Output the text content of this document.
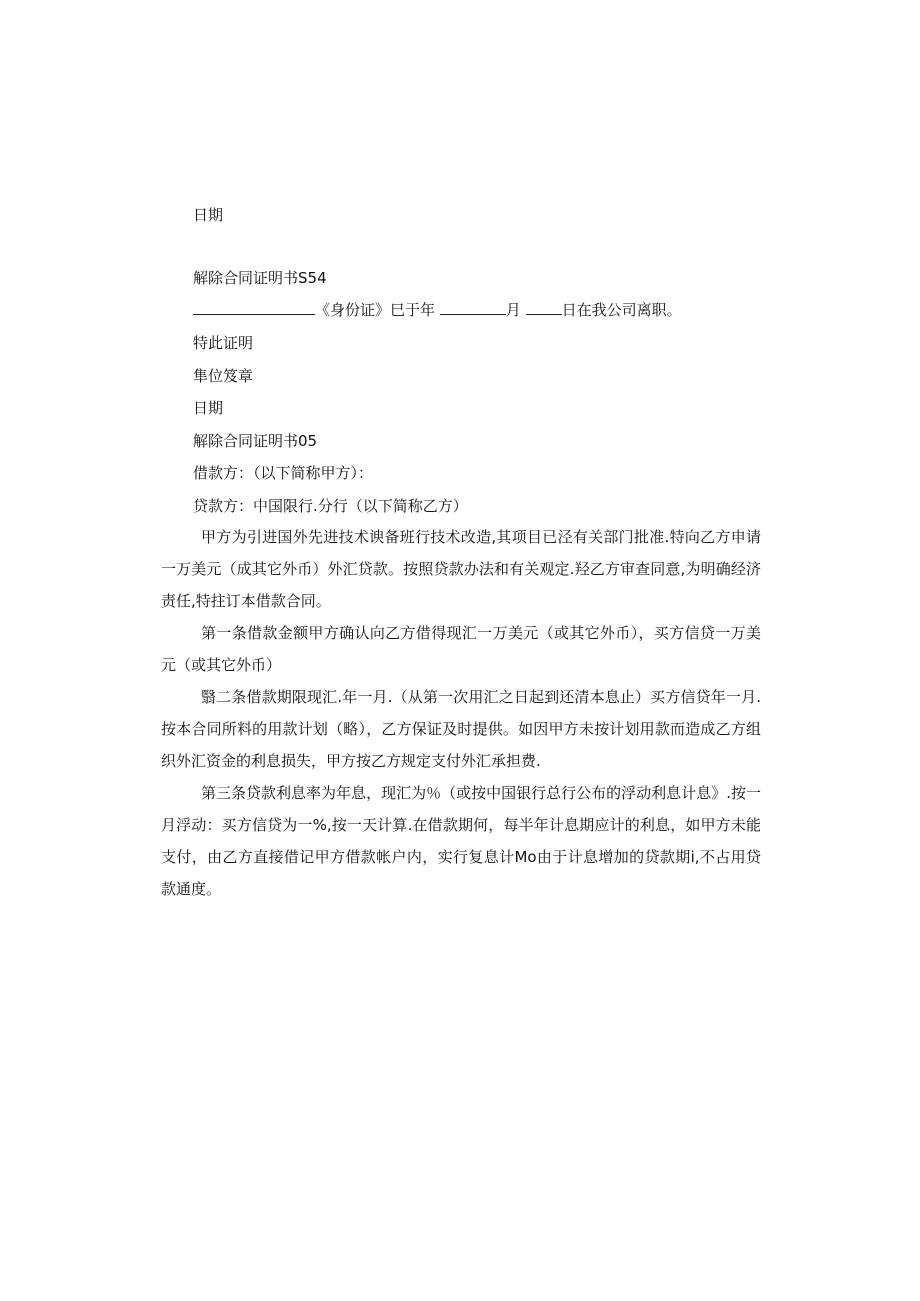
日期
解除合同证明书S54
《身份证》巳于年	月	日在我公司离职。
特此证明
隼位笈章
日期
解除合同证明书05
借款方：（以下简称甲方）：
贷款方：中国限行.分行（以下简称乙方）

甲方为引进国外先进技术谀备班行技术改造,其项目已泾有关部门批准.特向乙方申请一万美元（成其它外币）外汇贷款。按照贷款办法和有关观定.羟乙方审查同意,为明确经济责任,特拄订本借款合同。

第一条借款金额甲方确认向乙方借得现汇一万美元（或其它外币），买方信贷一万美元（或其它外币）

翳二条借款期限现汇.年一月.（从第一次用汇之日起到还清本息止）买方信贷年一月.按本合同所料的用款计划（略），乙方保证及时提供。如因甲方未按计划用款而造成乙方组织外汇资金的利息损失，甲方按乙方规定支付外汇承担费.

第三条贷款利息率为年息，现汇为％（或按中国银行总行公布的浮动利息计息》.按一月浮动：买方信贷为一%,按一天计算.在借款期何，每半年计息期应计的利息，如甲方未能支付，由乙方直接借记甲方借款帐户内，实行复息计Mo由于计息增加的贷款期i,不占用贷款通度。
